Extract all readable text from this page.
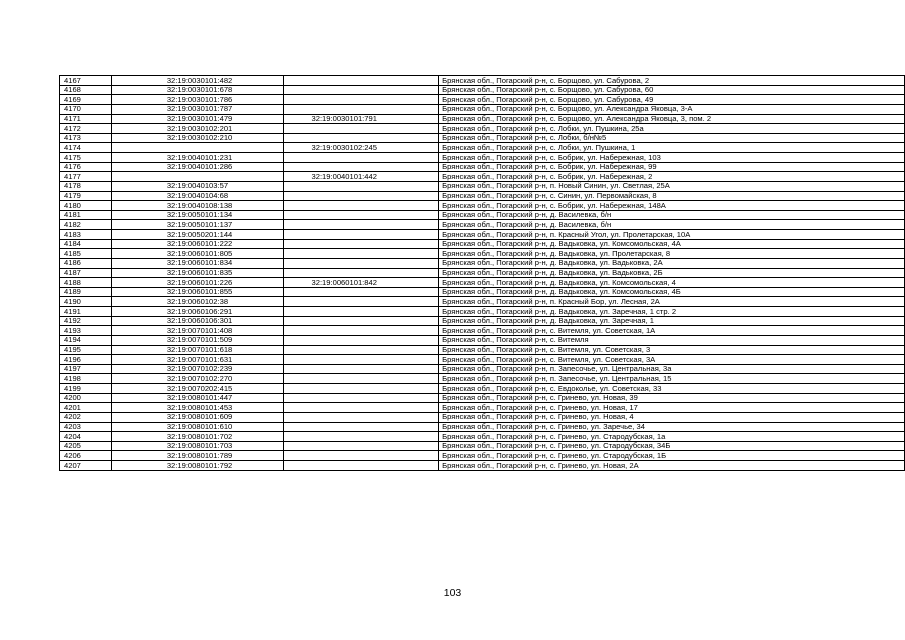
4167	32:19:0030101:482		Брянская обл., Погарский р-н, с. Борщово, ул. Сабурова, 2
4168	32:19:0030101:678		Брянская обл., Погарский р-н, с. Борщово, ул. Сабурова, 60
4169	32:19:0030101:786		Брянская обл., Погарский р-н, с. Борщово, ул. Сабурова, 49
4170	32:19:0030101:787		Брянская обл., Погарский р-н, с. Борщово, ул. Александра Яковца, 3-А
4171	32:19:0030101:479	32:19:0030101:791	Брянская обл., Погарский р-н, с. Борщово, ул. Александра Яковца, 3, пом. 2
4172	32:19:0030102:201		Брянская обл., Погарский р-н, с. Лобки, ул. Пушкина, 25а
4173	32:19:0030102:210		Брянская обл., Погарский р-н, с. Лобки, б/н№5
4174		32:19:0030102:245	Брянская обл., Погарский р-н, с. Лобки, ул. Пушкина, 1
4175	32:19:0040101:231		Брянская обл., Погарский р-н, с. Бобрик, ул. Набережная, 103
4176	32:19:0040101:286		Брянская обл., Погарский р-н, с. Бобрик, ул. Набережная, 99
4177		32:19:0040101:442	Брянская обл., Погарский р-н, с. Бобрик, ул. Набережная, 2
4178	32:19:0040103:57		Брянская обл., Погарский р-н, п. Новый Синин, ул. Светлая, 25А
4179	32:19:0040104:68		Брянская обл., Погарский р-н, с. Синин, ул. Первомайская, 8
4180	32:19:0040108:138		Брянская обл., Погарский р-н, с. Бобрик, ул. Набережная, 148А
4181	32:19:0050101:134		Брянская обл., Погарский р-н, д. Василевка, б/н
4182	32:19:0050101:137		Брянская обл., Погарский р-н, д. Василевка, б/н
4183	32:19:0050201:144		Брянская обл., Погарский р-н, п. Красный Угол, ул. Пролетарская, 10А
4184	32:19:0060101:222		Брянская обл., Погарский р-н, д. Вадьковка, ул. Комсомольская, 4А
4185	32:19:0060101:805		Брянская обл., Погарский р-н, д. Вадьковка, ул. Пролетарская, 8
4186	32:19:0060101:834		Брянская обл., Погарский р-н, д. Вадьковка, ул. Вадьковка, 2А
4187	32:19:0060101:835		Брянская обл., Погарский р-н, д. Вадьковка, ул. Вадьковка, 2Б
4188	32:19:0060101:226	32:19:0060101:842	Брянская обл., Погарский р-н, д. Вадьковка, ул. Комсомольская, 4
4189	32:19:0060101:855		Брянская обл., Погарский р-н, д. Вадьковка, ул. Комсомольская, 4Б
4190	32:19:0060102:38		Брянская обл., Погарский р-н, п. Красный Бор, ул. Лесная, 2А
4191	32:19:0060106:291		Брянская обл., Погарский р-н, д. Вадьковка, ул. Заречная, 1 стр. 2
4192	32:19:0060106:301		Брянская обл., Погарский р-н, д. Вадьковка, ул. Заречная, 1
4193	32:19:0070101:408		Брянская обл., Погарский р-н, с. Витемля, ул. Советская, 1А
4194	32:19:0070101:509		Брянская обл., Погарский р-н, с. Витемля
4195	32:19:0070101:618		Брянская обл., Погарский р-н, с. Витемля, ул. Советская, 3
4196	32:19:0070101:631		Брянская обл., Погарский р-н, с. Витемля, ул. Советская, 3А
4197	32:19:0070102:239		Брянская обл., Погарский р-н, п. Запесочье, ул. Центральная, 3а
4198	32:19:0070102:270		Брянская обл., Погарский р-н, п. Запесочье, ул. Центральная, 15
4199	32:19:0070202:415		Брянская обл., Погарский р-н, с. Евдоколье, ул. Советская, 33
4200	32:19:0080101:447		Брянская обл., Погарский р-н, с. Гринево, ул. Новая, 39
4201	32:19:0080101:453		Брянская обл., Погарский р-н, с. Гринево, ул. Новая, 17
4202	32:19:0080101:609		Брянская обл., Погарский р-н, с. Гринево, ул. Новая, 4
4203	32:19:0080101:610		Брянская обл., Погарский р-н, с. Гринево, ул. Заречье, 34
4204	32:19:0080101:702		Брянская обл., Погарский р-н, с. Гринево, ул. Стародубская, 1а
4205	32:19:0080101:703		Брянская обл., Погарский р-н, с. Гринево, ул. Стародубская, 34Б
4206	32:19:0080101:789		Брянская обл., Погарский р-н, с. Гринево, ул. Стародубская, 1Б
4207	32:19:0080101:792		Брянская обл., Погарский р-н, с. Гринево, ул. Новая, 2А
103
